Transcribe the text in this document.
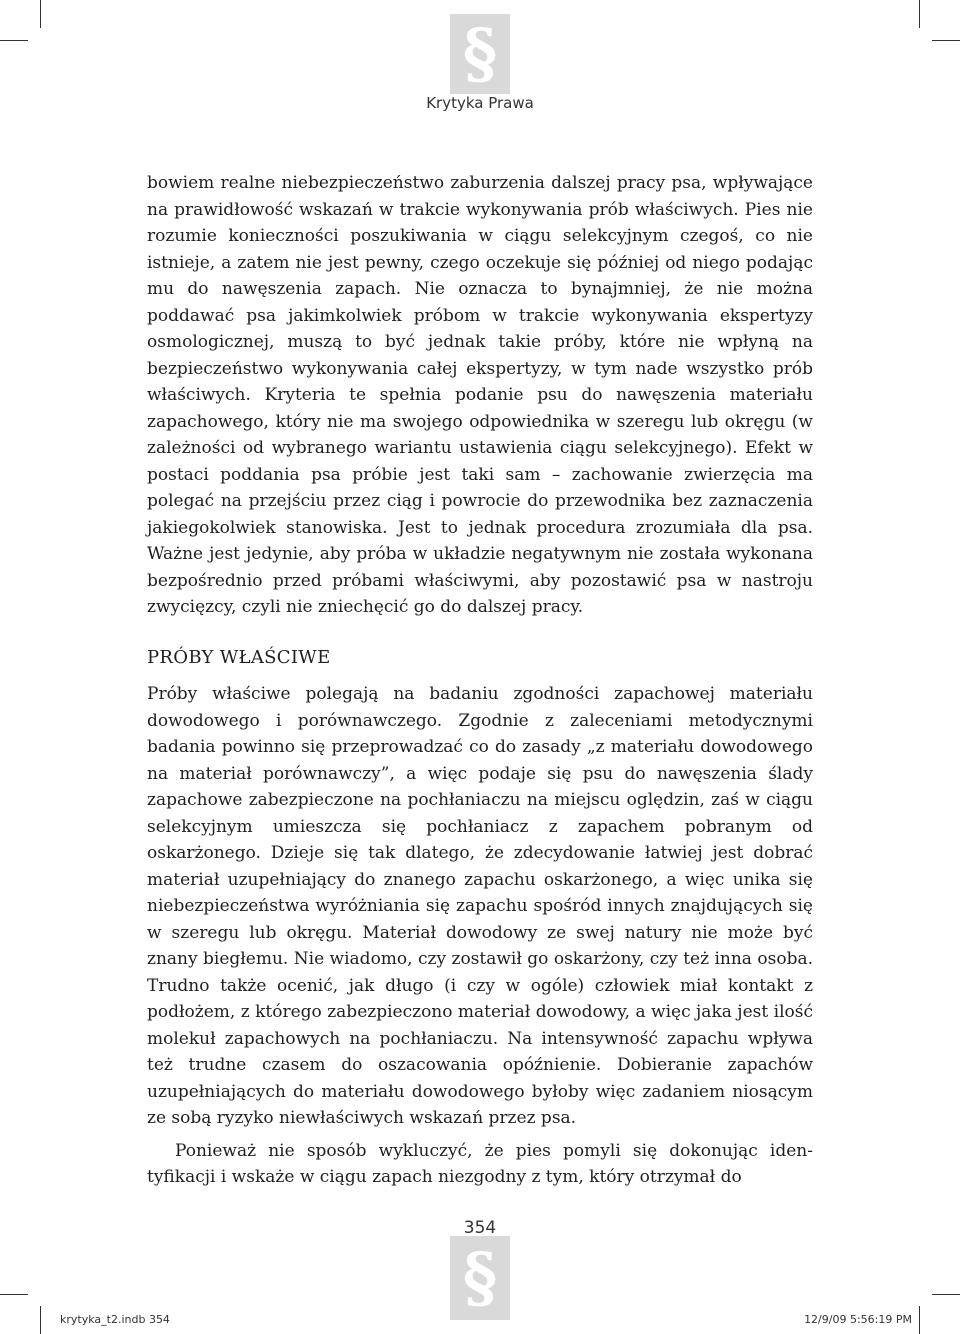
§
Krytyka Prawa

bowiem realne niebezpieczeństwo zaburzenia dalszej pracy psa, wpływające na prawidłowość wskazań w trakcie wykonywania prób właściwych. Pies nie rozumie konieczności poszukiwania w ciągu selekcyjnym czegoś, co nie istnieje, a zatem nie jest pewny, czego oczekuje się później od niego podając mu do nawęszenia zapach. Nie oznacza to bynajmniej, że nie można poddawać psa jakimkolwiek próbom w trakcie wykonywania ekspertyzy osmologicznej, muszą to być jednak takie próby, które nie wpłyną na bezpieczeństwo wykonywania całej ekspertyzy, w tym nade wszystko prób właściwych. Kryteria te spełnia podanie psu do nawęszenia materiału zapachowego, który nie ma swojego odpowiednika w szeregu lub okręgu (w zależności od wybranego wariantu ustawienia ciągu selekcyjnego). Efekt w postaci poddania psa próbie jest taki sam – zachowanie zwierzęcia ma polegać na przejściu przez ciąg i powrocie do przewodnika bez zaznaczenia jakiegokolwiek stanowiska. Jest to jednak procedura zrozumiała dla psa. Ważne jest jedynie, aby próba w układzie negatywnym nie została wykonana bezpośrednio przed próbami właściwymi, aby pozostawić psa w nastroju zwycięzcy, czyli nie zniechęcić go do dalszej pracy.

PRÓBY WŁAŚCIWE

Próby właściwe polegają na badaniu zgodności zapachowej materiału dowodowego i porównawczego. Zgodnie z zaleceniami metodycznymi badania powinno się przeprowadzać co do zasady „z materiału dowodowego na materiał porównawczy”, a więc podaje się psu do nawęszenia ślady zapachowe zabezpieczone na pochłaniaczu na miejscu oględzin, zaś w ciągu selekcyjnym umieszcza się pochłaniacz z zapachem pobranym od oskarżonego. Dzieje się tak dlatego, że zdecydowanie łatwiej jest dobrać materiał uzupełniający do znanego zapachu oskarżonego, a więc unika się niebezpieczeństwa wyróżniania się zapachu spośród innych znajdujących się w szeregu lub okręgu. Materiał dowodowy ze swej natury nie może być znany biegłemu. Nie wiadomo, czy zostawił go oskarżony, czy też inna osoba. Trudno także ocenić, jak długo (i czy w ogóle) człowiek miał kontakt z podłożem, z którego zabezpieczono materiał dowodowy, a więc jaka jest ilość molekuł zapachowych na pochłaniaczu. Na intensywność zapachu wpływa też trudne czasem do oszacowania opóźnienie. Dobieranie zapachów uzupełniających do materiału dowodowego byłoby więc zadaniem niosącym ze sobą ryzyko niewłaściwych wskazań przez psa.

Ponieważ nie sposób wykluczyć, że pies pomyli się dokonując identyfikacji i wskaże w ciągu zapach niezgodny z tym, który otrzymał do

§
354
krytyka_t2.indb 354	12/9/09 5:56:19 PM
